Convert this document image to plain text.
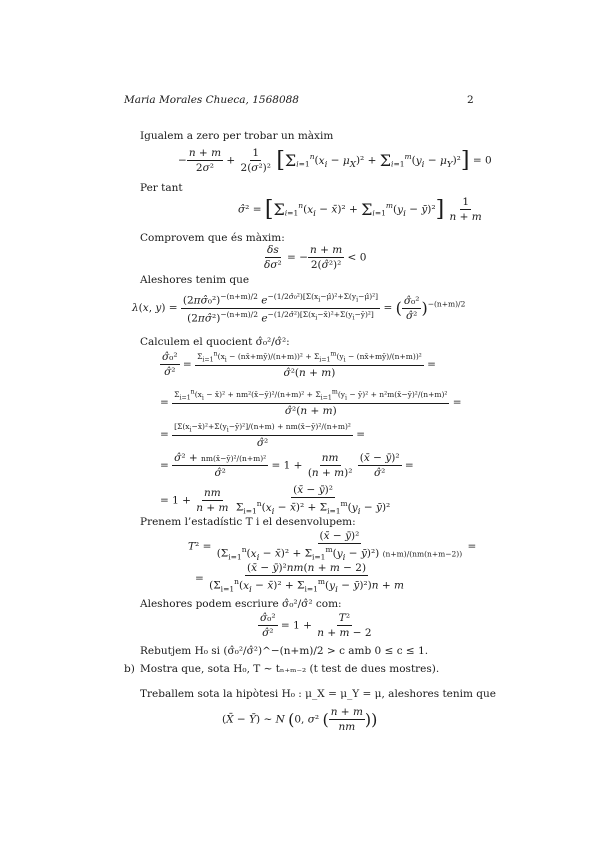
Maria Morales Chueca, 1568088	2
Igualem a zero per trobar un màxim
− $\frac{n + m}{\text{2σ²}} + \frac{1}{\text{2(σ²)²}} [\Sigma_{i=1}^n(x_i - \mu_X)^2 + \Sigma_{i=1}^m(y_i - \mu_Y)^2] = 0$
Per tant
σ̂² = [$\Sigma_{i=1}^n(x_i$ − x̄)² + $\Sigma_{i=1}^m(y_i$ − ȳ)²] $\frac{1}{n + m}$
Comprovem que és màxim:
$\frac{\delta s}{\text{δσ²}}$ = − $\frac{n + m}{\text{2(σ̂²)²}} < 0$
Aleshores tenim que
λ(x, $y) = \frac{(2\pi\sigmâ_0^2)^{-(n+m)/2} e^{-(1/2\sigmâ_0^2)[\Sigma(x_i-\mû)^2+\Sigma(y_i-\mû)^2]}}{(2\pi\sigmâ^2)^{-(n+m)/2} e^{-(1/2\sigmâ^2)[\Sigma(x_i-x̄)^2+\Sigma(y_i-ȳ)^2]}}$ = ( $\frac{\text{σ̂₀²}}{\text{σ̂²}} )^{-(n+m)/2}$
Calculem el quocient σ̂₀²/σ̂²:
$\frac{\text{σ̂₀²}}{\text{σ̂²}} = \frac{\Sigma_{i=1}^n(x_i - (nx̄+mȳ)/(n+m))^2 + \Sigma_{i=1}^m(y_i - (nx̄+mȳ)/(n+m))^2}{\text{σ̂²(n + m)}}$ =
=
$\Sigma_{i=1}^n(x_i$ − x̄)² + nm²(x̄−ȳ)²/(n+m)² + $\Sigma_{i=1}^m(y_i$ − ȳ)² + n²m(x̄−ȳ)²/(n+m)²
σ̂²(n + m)
=
= $\frac{[\Sigma(x_i-x̄)^2+\Sigma(y_i-ȳ)^2]/(n+m) + nm(x̄-ȳ)^2/(n+m)^2}{\text{σ̂²}}$ =
= $\frac{\text{σ̂² + nm(x̄−ȳ)²/(n+m)²}}{\text{σ̂²}} = 1 + \frac{nm}{\text{(n + m)²}}$
$\frac{\text{(x̄ − ȳ)²}}{\text{σ̂²}}$ =
= $1 + \frac{nm}{n + m}$
$\frac{\text{(x̄ − ȳ)²}}{\Sigma_{i=1}^n(x_i - x̄)^2 + \Sigma_{i=1}^m(y_i - ȳ)^2}$
Prenem l’estadístic T i el desenvolupem:
$T^2 = \frac{\text{(x̄ − ȳ)²}}{(\Sigma_{i=1}^n(x_i - x̄)^2 + \Sigma_{i=1}^m(y_i - ȳ)^2) (n+m)/(nm(n+m-2))}$ =
= $\frac{\text{(x̄ − ȳ)²nm(n + m − 2)}}{(\Sigma_{i=1}^n(x_i - x̄)^2 + \Sigma_{i=1}^m(y_i - ȳ)^2)n + m}$
Aleshores podem escriure σ̂₀²/σ̂² com:
$\frac{\text{σ̂₀²}}{\text{σ̂²}} = 1 + \frac{\text{T²}}{n + m - 2}$
Rebutjem H₀ si (σ̂₀²/σ̂²)^−(n+m)/2 > c amb 0 ≤ c ≤ 1.
b) Mostra que, sota H₀, T ∼ tₙ₊ₘ₋₂ (t test de dues mostres).
Treballem sota la hipòtesi H₀ : μ_X = μ_Y = μ, aleshores tenim que
(X̄ − Ȳ) ∼ N (0, σ² ( $\frac{n + m}{nm}$ ))
